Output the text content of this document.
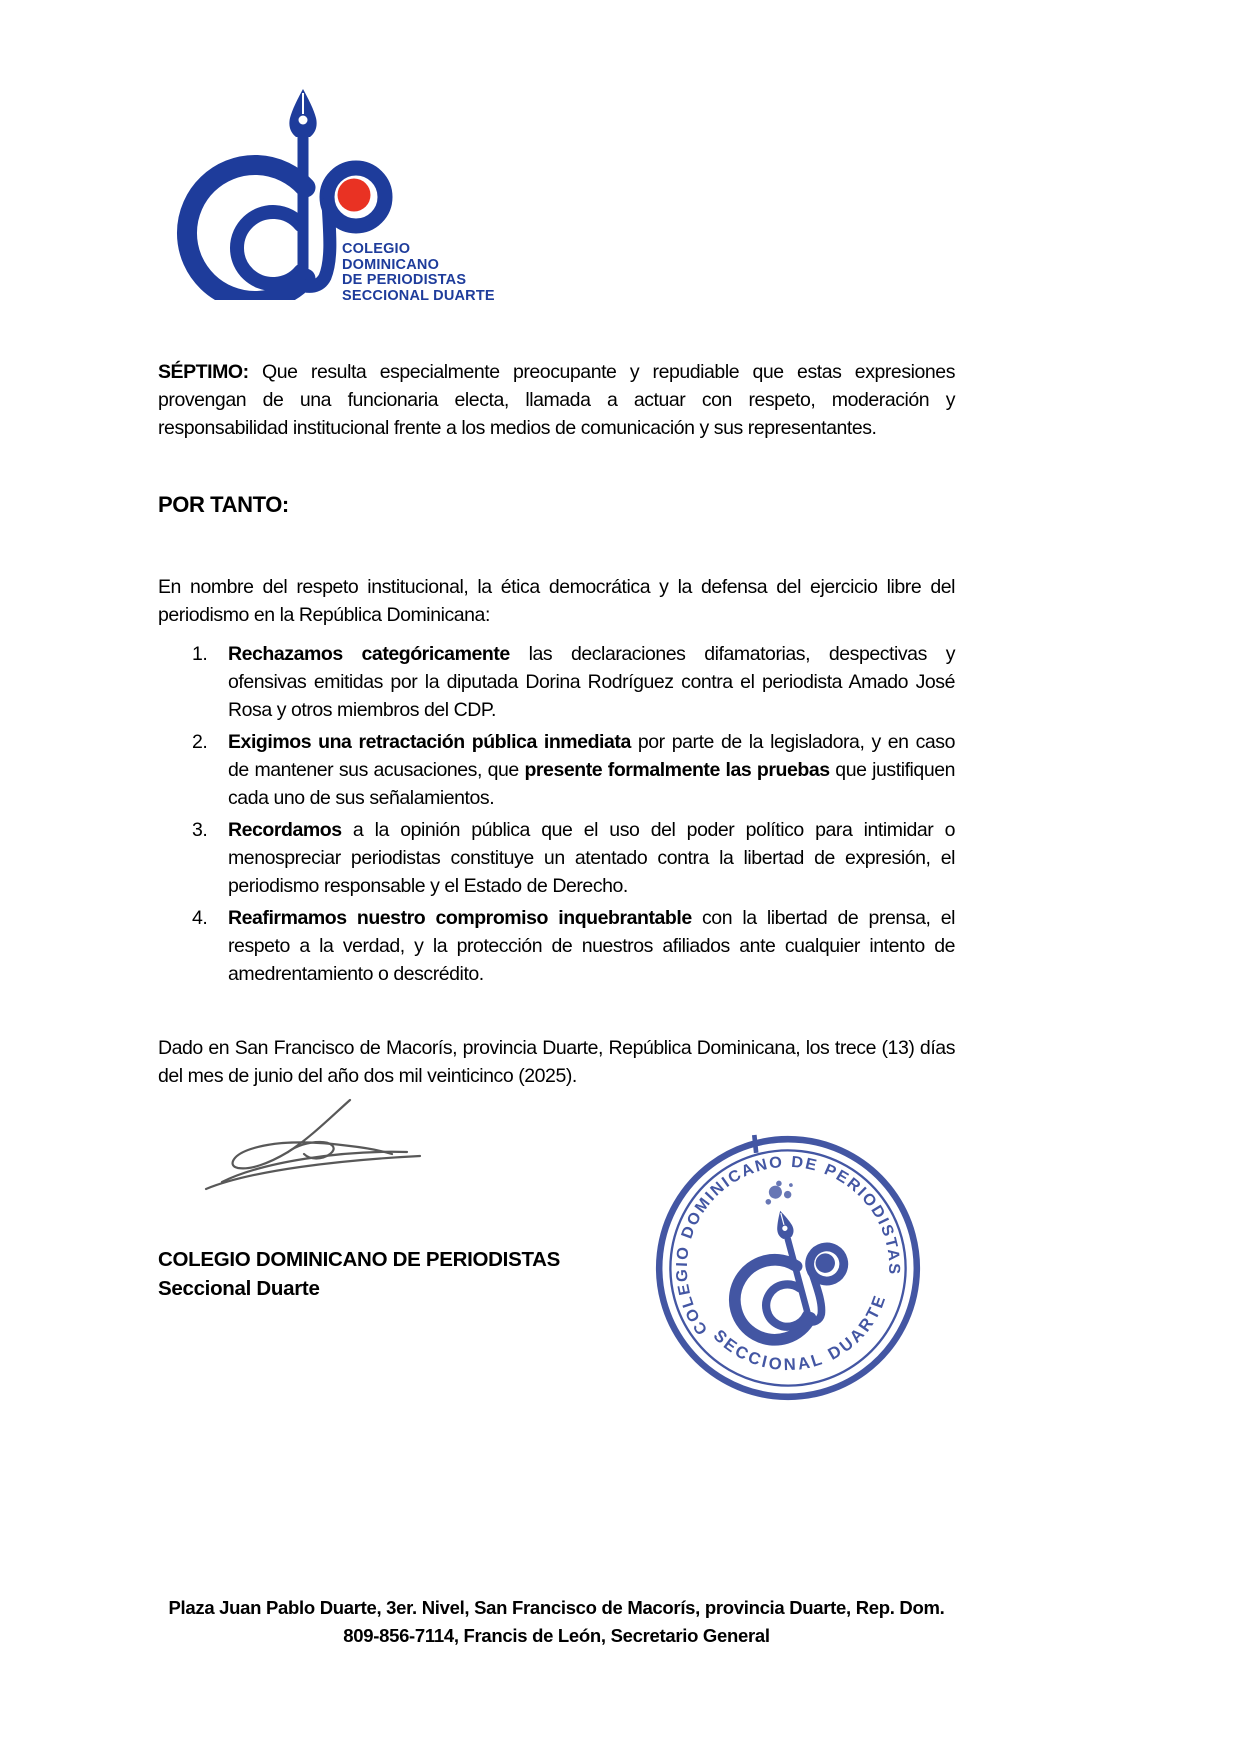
COLEGIO
DOMINICANO
DE PERIODISTAS
SECCIONAL DUARTE

SÉPTIMO: Que resulta especialmente preocupante y repudiable que estas expresiones provengan de una funcionaria electa, llamada a actuar con respeto, moderación y responsabilidad institucional frente a los medios de comunicación y sus representantes.

POR TANTO:

En nombre del respeto institucional, la ética democrática y la defensa del ejercicio libre del periodismo en la República Dominicana:

1.	Rechazamos categóricamente las declaraciones difamatorias, despectivas y ofensivas emitidas por la diputada Dorina Rodríguez contra el periodista Amado José Rosa y otros miembros del CDP.
2.	Exigimos una retractación pública inmediata por parte de la legisladora, y en caso de mantener sus acusaciones, que presente formalmente las pruebas que justifiquen cada uno de sus señalamientos.
3.	Recordamos a la opinión pública que el uso del poder político para intimidar o menospreciar periodistas constituye un atentado contra la libertad de expresión, el periodismo responsable y el Estado de Derecho.
4.	Reafirmamos nuestro compromiso inquebrantable con la libertad de prensa, el respeto a la verdad, y la protección de nuestros afiliados ante cualquier intento de amedrentamiento o descrédito.

Dado en San Francisco de Macorís, provincia Duarte, República Dominicana, los trece (13) días del mes de junio del año dos mil veinticinco (2025).

COLEGIO DOMINICANO DE PERIODISTAS
Seccional Duarte
COLEGIO DOMINICANO DE PERIODISTAS
SECCIONAL DUARTE
Plaza Juan Pablo Duarte, 3er. Nivel, San Francisco de Macorís, provincia Duarte, Rep. Dom.
809-856-7114, Francis de León, Secretario General
